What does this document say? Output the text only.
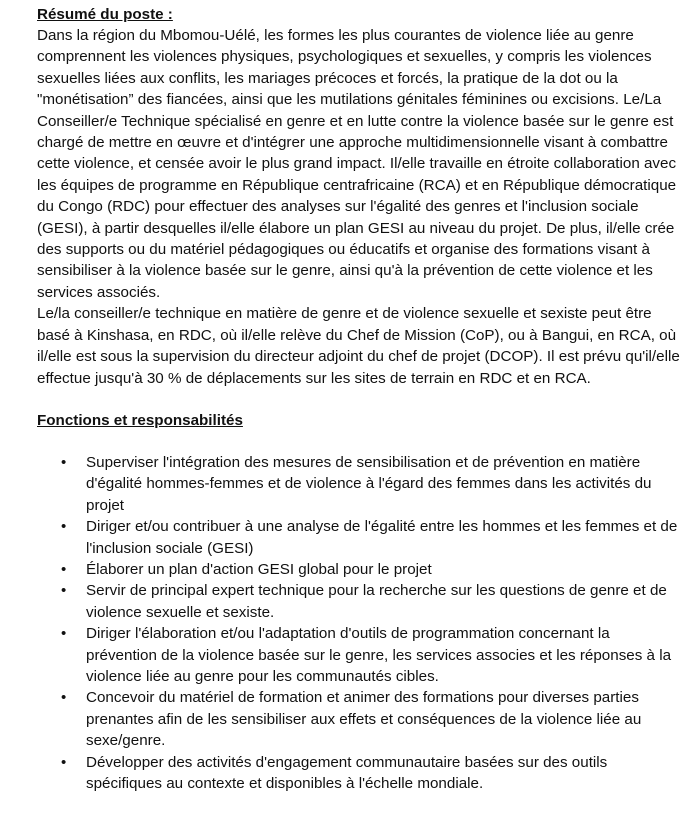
Résumé du poste :

Dans la région du Mbomou-Uélé, les formes les plus courantes de violence liée au genre comprennent les violences physiques, psychologiques et sexuelles, y compris les violences sexuelles liées aux conflits, les mariages précoces et forcés, la pratique de la dot ou la "monétisation” des fiancées, ainsi que les mutilations génitales féminines ou excisions. Le/La Conseiller/e Technique spécialisé en genre et en lutte contre la violence basée sur le genre est chargé de mettre en œuvre et d'intégrer une approche multidimensionnelle visant à combattre cette violence, et censée avoir le plus grand impact. Il/elle travaille en étroite collaboration avec les équipes de programme en République centrafricaine (RCA) et en République démocratique du Congo (RDC) pour effectuer des analyses sur l'égalité des genres et l'inclusion sociale (GESI), à partir desquelles il/elle élabore un plan GESI au niveau du projet. De plus, il/elle crée des supports ou du matériel pédagogiques ou éducatifs et organise des formations visant à sensibiliser à la violence basée sur le genre, ainsi qu'à la prévention de cette violence et les services associés.

Le/la conseiller/e technique en matière de genre et de violence sexuelle et sexiste peut être basé à Kinshasa, en RDC, où il/elle relève du Chef de Mission (CoP), ou à Bangui, en RCA, où il/elle est sous la supervision du directeur adjoint du chef de projet (DCOP). Il est prévu qu'il/elle effectue jusqu'à 30 % de déplacements sur les sites de terrain en RDC et en RCA.

Fonctions et responsabilités

• Superviser l'intégration des mesures de sensibilisation et de prévention en matière d'égalité hommes-femmes et de violence à l'égard des femmes dans les activités du projet
• Diriger et/ou contribuer à une analyse de l'égalité entre les hommes et les femmes et de l'inclusion sociale (GESI)
• Élaborer un plan d'action GESI global pour le projet
• Servir de principal expert technique pour la recherche sur les questions de genre et de violence sexuelle et sexiste.
• Diriger l'élaboration et/ou l'adaptation d'outils de programmation concernant la prévention de la violence basée sur le genre, les services associes et les réponses à la violence liée au genre pour les communautés cibles.
• Concevoir du matériel de formation et animer des formations pour diverses parties prenantes afin de les sensibiliser aux effets et conséquences de la violence liée au sexe/genre.
• Développer des activités d'engagement communautaire basées sur des outils spécifiques au contexte et disponibles à l'échelle mondiale.
